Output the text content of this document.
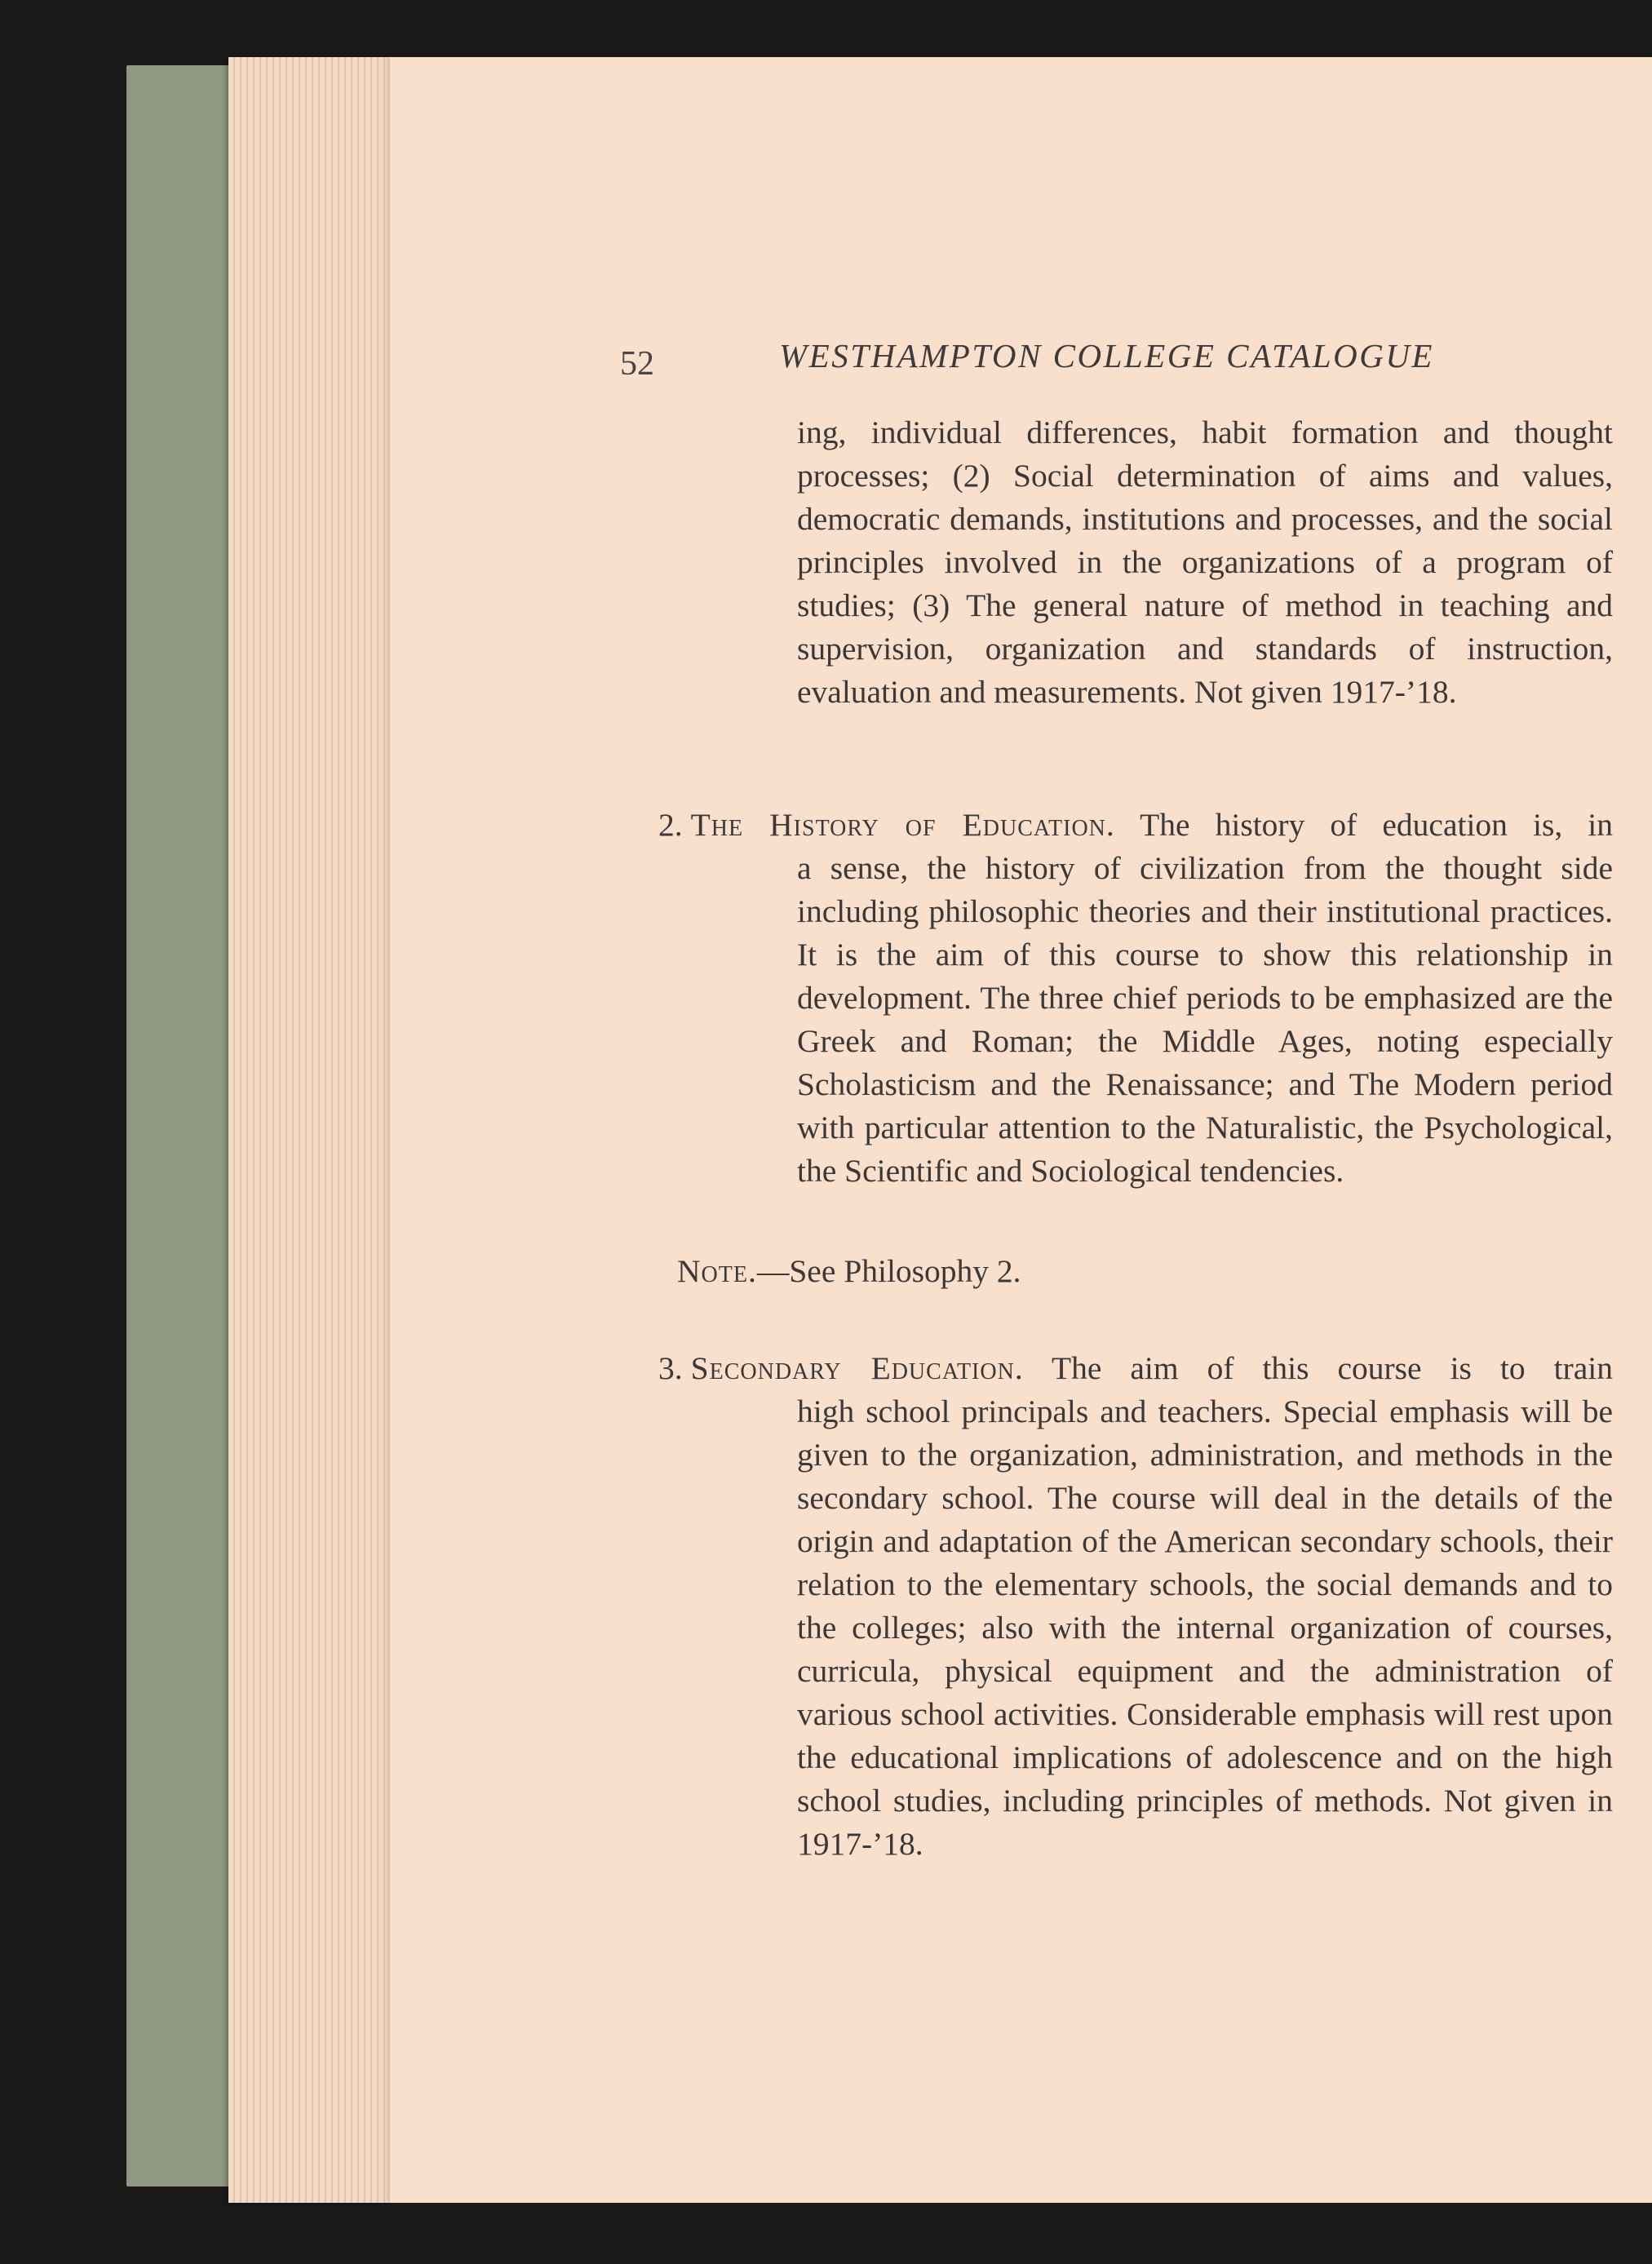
52	WESTHAMPTON COLLEGE CATALOGUE
ing, individual differences, habit formation and thought processes; (2) Social determination of aims and values, democratic demands, institutions and processes, and the social principles involved in the organizations of a program of studies; (3) The general nature of method in teaching and supervision, organization and standards of instruction, evaluation and measurements. Not given 1917-’18.
2. The History of Education. The history of education is, in
a sense, the history of civilization from the thought side including philosophic theories and their institutional practices. It is the aim of this course to show this relationship in development. The three chief periods to be emphasized are the Greek and Roman; the Middle Ages, noting especially Scholasticism and the Renaissance; and The Modern period with particular attention to the Naturalistic, the Psychological, the Scientific and Sociological tendencies.
Note.—See Philosophy 2.
3. Secondary Education. The aim of this course is to train
high school principals and teachers. Special emphasis will be given to the organization, administration, and methods in the secondary school. The course will deal in the details of the origin and adaptation of the American secondary schools, their relation to the elementary schools, the social demands and to the colleges; also with the internal organization of courses, curricula, physical equipment and the administration of various school activities. Considerable emphasis will rest upon the educational implications of adolescence and on the high school studies, including principles of methods. Not given in 1917-’18.
